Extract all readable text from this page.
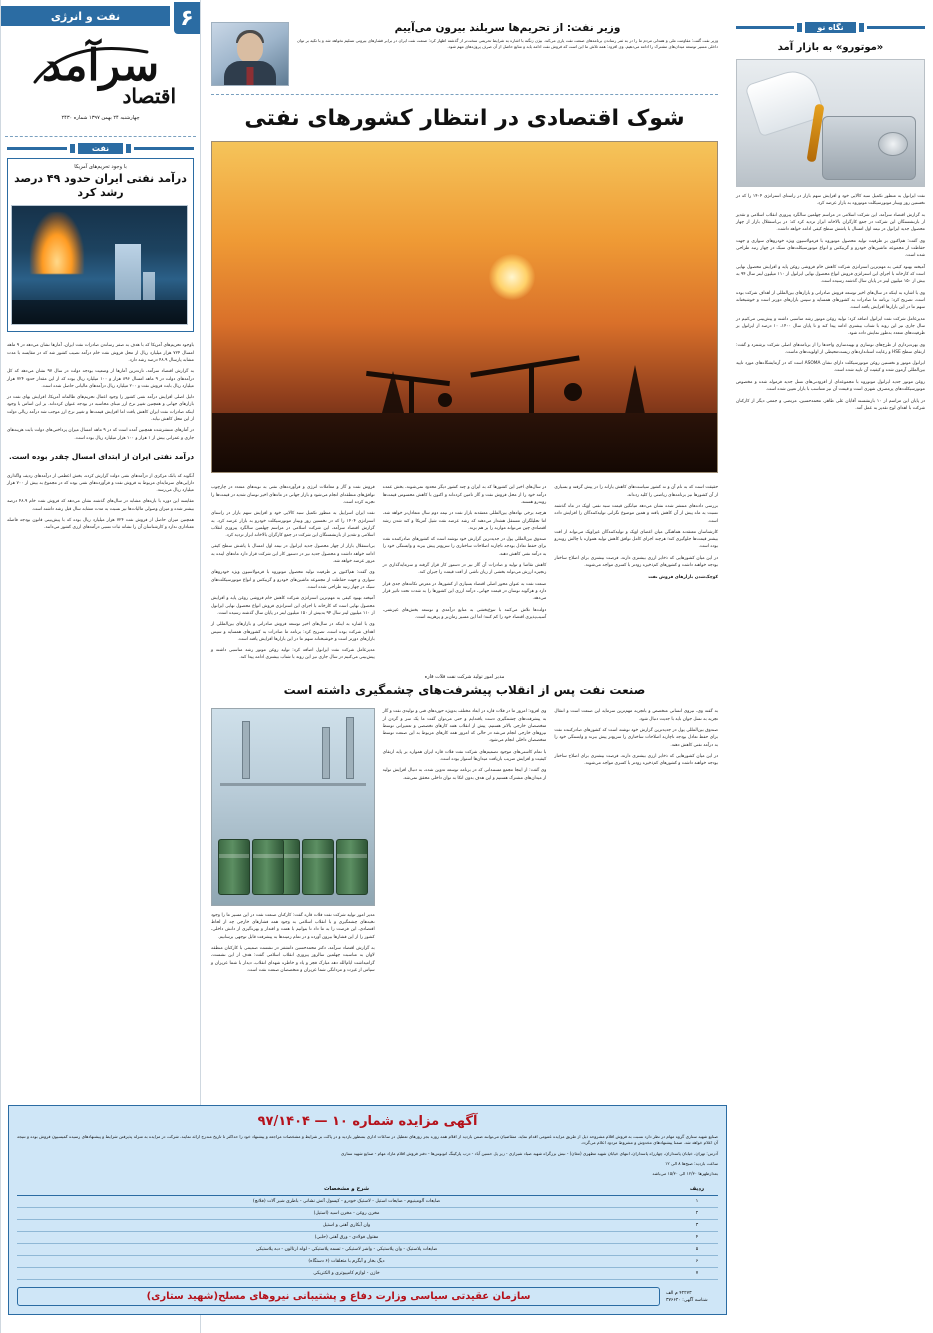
۶
نفت و انرژی
سرآمد
اقتصاد
چهارشنبه ۲۴ بهمن ۱۳۹۷ شماره ۲۴۳۰
نفت
با وجود تحریم‌های آمریکا
درآمد نفتی ایران حدود ۴۹ درصد رشد کرد

باوجود تحریم‌های آمریکا که با هدف به صفر رساندن صادرات نفت ایران، آمارها نشان می‌دهد در ۹ ماهه امسال ۷۲۴ هزار میلیارد ریال از محل فروش نفت خام درآمد نصیب کشور شد که در مقایسه با مدت مشابه پارسال ۴۸.۹ درصد رشد دارد.

به گزارش اقتصاد سرآمد، تازه‌ترین آمارها از وضعیت بودجه دولت در سال ۹۷ نشان می‌دهد که کل درآمدهای دولت در ۹ ماهه امسال ۸۹۶ هزار و ۱۰۰ میلیارد ریال بوده که از این مقدار حدود ۷۲۴ هزار میلیارد ریال بابت فروش نفت و ۲۰۰ میلیارد ریال درآمدهای مالیاتی حاصل شده است.

دلیل اصلی افزایش درآمد نفتی کشور را وجود اعمال تحریم‌های ظالمانه آمریکا، افزایش بهای نفت در بازارهای جهانی و همچنین تغییر نرخ ارز مبنای محاسبه در بودجه عنوان کرده‌اند. بر این اساس با وجود اینکه صادرات نفت ایران کاهش یافت اما افزایش قیمت‌ها و تغییر نرخ ارز موجب شد درآمد ریالی دولت از این محل کاهش نیابد.

در آمارهای منتشرشده همچنین آمده است که در ۹ ماهه امسال میزان پرداختی‌های دولت بابت هزینه‌های جاری و عمرانی بیش از ۱ هزار و ۱۰۰ هزار میلیارد ریال بوده است.

درآمد نفتی ایران از ابتدای امسال چقدر بوده است.

آنگونه که بانک مرکزی از درآمدهای نفتی دولت گزارش کرده، بخش اعظمی از درآمدهای ردیف واگذاری دارایی‌های سرمایه‌ای مربوط به فروش نفت و فرآورده‌های نفتی بوده که در مجموع به بیش از ۷۰۰ هزار میلیارد ریال می‌رسد.

مقایسه این دوره با بازه‌های مشابه در سال‌های گذشته نشان می‌دهد که فروش نفت خام ۴۸.۹ درصد بیشتر شده و میزان وصولی مالیات‌ها نیز نسبت به مدت مشابه سال قبل رشد داشته است.

همچنین میزان حاصل از فروش نفت ۷۲۴ هزار میلیارد ریال بوده که با پیش‌بینی قانون بودجه فاصله معناداری ندارد و کارشناسان آن را نشانه ثبات نسبی درآمدهای ارزی کشور می‌دانند.

وزیر نفت: از تحریم‌ها سربلند بیرون می‌آییم
وزیر نفت گفت: مقاومت ملی و همدلی مردم ما را در به ثمر رساندن برنامه‌های صنعت نفت یاری می‌کند. بیژن زنگنه با اشاره به شرایط تحریمی سخت‌تر از گذشته اظهار کرد: صنعت نفت ایران در برابر فشارهای بیرونی تسلیم نخواهد شد و با تکیه بر توان داخلی مسیر توسعه میدان‌های مشترک را ادامه می‌دهیم. وی افزود: همه تلاش ما این است که فروش نفت ادامه یابد و منابع حاصل از آن صرف پروژه‌های مهم شود.
شوک اقتصادی در انتظار کشورهای نفتی

فروش نفت و گاز و معاملات انرژی و فرآورده‌های نفتی به نوبه‌های متعدد در چارچوب توافق‌های منطقه‌ای انجام می‌شود و بازار جهانی در ماه‌های اخیر نوسان شدید در قیمت‌ها را تجربه کرده است.

نفت ایران اسراییل به منظور تکمیل سبد کالایی خود و افزایش سهم بازار در راستای استراتژی ۱۴۰۴ را که در نخستین روز وبینار موتورسیکلت خودرو به بازار عرضه کرد. به گزارش اقتصاد سرآمد، این شرکت اسلامی در مراسم چهلمین سالگرد پیروزی انقلاب اسلامی و تقدیر از بازنشستگان این شرکت در جمع کارگران بالاخانه ابراز تردید کرد.

بی‌استقلال بازار از چهار محصول جدید ایرانول در نیمه اول امسال با پاشش سطح کیفی ادامه خواهد داشت و محصول جدید نیز در دستور کار این شرکت قرار دارد ماه‌های اینده به مرور عرضه خواهد شد.

وی گفت: هم‌اکنون بر ظرفیت تولید محصول موتوروه با فرمولاسیون ویژه خودروهای سواری و جهت حفاظت از مجموعه ماشین‌های خودرو و گریبکس و انواع موتورسیکلت‌های سبک در چهار رتبه طراحی شده است.

آمیخته بهبود کیفی به مهم‌ترین استراتژی شرکت کاهش خام فروشی روغن پایه و افزایش محصول نهایی است که کارخانه با اجرای این استراتژی فروش انواع محصول نهایی ایرانول از ۱۱۰ میلیون لیتر سال ۹۴ به‌بیش از ۱۵۰ میلیون لیتر در پایان سال گذشته رسیده است.

وی با اشاره به اینکه در سال‌های اخیر توسعه فروش صادراتی و بازارهای بین‌المللی از اهداف شرکت بوده است، تصریح کرد: برنامه ما صادرات به کشورهای همسایه و سپس بازارهای دورتر است و خوشبختانه سهم ما در این بازارها افزایش یافته است.

مدیرعامل شرکت نفت ایرانول اضافه کرد: تولید روغن موتور رشد مناسبی داشته و پیش‌بینی می‌کنیم در سال جاری نیز این روند با شتاب بیشتری ادامه پیدا کند.

در سال‌های اخیر این کشورها که به ایران و چند کشور دیگر محدود نمی‌شوند، بخش عمده درآمد خود را از محل فروش نفت و گاز تامین کرده‌اند و اکنون با کاهش محسوس قیمت‌ها روبه‌رو هستند.

هرچند برخی نهادهای بین‌المللی معتقدند بازار نفت در نیمه دوم سال متعادل‌تر خواهد شد، اما تحلیلگران مستقل هشدار می‌دهند که رشد عرضه نفت شیل آمریکا و کند شدن رشد اقتصادی چین می‌تواند موازنه را بر هم بزند.

صندوق بین‌المللی پول در جدیدترین گزارش خود نوشته است که کشورهای صادرکننده نفت برای حفظ تعادل بودجه ناچارند اصلاحات ساختاری را سریع‌تر پیش ببرند و وابستگی خود را به درآمد نفتی کاهش دهند.

کاهش تقاضا و تولید و صادرات آن گاز نیز در دستور کار قرار گرفته و سرمایه‌گذاری در زنجیره ارزش می‌تواند بخشی از زیان ناشی از افت قیمت را جبران کند.

صنعت نفت به عنوان محور اصلی اقتصاد بسیاری از کشورها، در معرض تکانه‌های جدی قرار دارد و هرگونه نوسان در قیمت جهانی، درآمد ارزی این کشورها را به شدت تحت تاثیر قرار می‌دهد.

دولت‌ها تلاش می‌کنند با تنوع‌بخشی به منابع درآمدی و توسعه بخش‌های غیرنفتی، آسیب‌پذیری اقتصاد خود را کم کنند؛ اما این مسیر زمان‌بر و پرهزینه است.

حقیقت است که به نام آن و نه کشور سیاست‌های کاهش یارانه را در پیش گرفته و بسیاری از آن کشورها نیز برنامه‌های ریاضتی را کلید زده‌اند.

بررسی داده‌های منتشر شده نشان می‌دهد میانگین قیمت سبد نفتی اوپک در ماه گذشته نسبت به ماه پیش از آن کاهش یافته و همین موضوع نگرانی تولیدکنندگان را افزایش داده است.

کارشناسان معتقدند هماهنگی میان اعضای اوپک و تولیدکنندگان غیراوپک می‌تواند از افت بیشتر قیمت‌ها جلوگیری کند؛ هرچند اجرای کامل توافق کاهش تولید همواره با چالش روبه‌رو بوده است.

در این میان کشورهایی که ذخایر ارزی بیشتری دارند، فرصت بیشتری برای اصلاح ساختار بودجه خواهند داشت و کشورهای کم‌ذخیره زودتر با کسری مواجه می‌شوند.

کوچک‌شدن بازارهای فروش نفت

مدیر امور تولید شرکت نفت فلات قاره
صنعت نفت پس از انقلاب پیشرفت‌های چشمگیری داشته است

مدیر امور تولید شرکت نفت فلات قاره گفت: کارکنان صنعت نفت در این مسیر ما را وجود نخبه‌های چشمگیری و با انقلاب اسلامی به وجود همه فشارهای خارجی چه از لحاظ اقتصادی، این فرصت را به ما داد تا بتوانیم با همت و اقتدار و بهره‌گیری از دانش داخلی، کشور را از این فشارها بیرون آورده و در تمام زمینه‌ها به پیشرفت قابل توجهی برسانیم.

به گزارش اقتصاد سرآمد، دکتر محمدحسین دانشفر در نشست صمیمی با کارکنان منطقه لاوان به مناسبت چهلمین سالروز پیروزی انقلاب اسلامی گفت: هدف از این نشست، گرامیداشت ایام‌الله دهه مبارک فجر و یاد و خاطره شهدای انقلاب، دیدار با شما عزیزان و سپاس از غیرت و مردانگی شما عزیزان و متخصصان صنعت نفت است.

وی افزود: امروز ما در فلات قاره در ابعاد مختلف به‌ویژه حوزه‌های فنی و تولیدی نفت و گاز به پیشرفت‌های چشمگیری دست یافته‌ایم و حتی می‌توان گفت ما یک سر و گردن از متخصصان خارجی بالاتر هستیم. پیش از انقلاب همه کارهای تخصصی و تعمیراتی توسط نیروهای خارجی انجام می‌شد در حالی که امروز همه کارهای مربوط به این صنعت توسط متخصصان داخلی انجام می‌شود.

با تمام کاستی‌های موجود تصمیم‌های شرکت نفت فلات قاره ایران همواره بر پایه ارتقای کیفیت و افزایش ضریب بازیافت میدان‌ها استوار بوده است.

وی گفت: از اینجا مجمع مستنداتی که در برنامه توسعه تدوین شده، به دنبال افزایش تولید از میدان‌های مشترک هستیم و این هدف بدون اتکا به توان داخلی محقق نمی‌شد.

به گفته وی، نیروی انسانی متخصص و باتجربه مهم‌ترین سرمایه این صنعت است و انتقال تجربه به نسل جوان باید با جدیت دنبال شود.

صندوق بین‌المللی پول در جدیدترین گزارش خود نوشته است که کشورهای صادرکننده نفت برای حفظ تعادل بودجه ناچارند اصلاحات ساختاری را سریع‌تر پیش ببرند و وابستگی خود را به درآمد نفتی کاهش دهند.

در این میان کشورهایی که ذخایر ارزی بیشتری دارند، فرصت بیشتری برای اصلاح ساختار بودجه خواهند داشت و کشورهای کم‌ذخیره زودتر با کسری مواجه می‌شوند.

نگاه نو
«موتورو» به بازار آمد

نفت ایرانول به منظور تکمیل سبد کالایی خود و افزایش سهم بازار در راستای استراتژی ۱۴۰۴ را که در نخستین روز وبینار موتورسیکلت موتوروه به بازار عرضه کرد.

به گزارش اقتصاد سرآمد، این شرکت اسلامی در مراسم چهلمین سالگرد پیروزی انقلاب اسلامی و تقدیر از بازنشستگان این شرکت در جمع کارگران بالاخانه ابراز تردید کرد که: در بی‌استقلال بازار از چهار محصول جدید ایرانول در نیمه اول امسال با پاشش سطح کیفی ادامه خواهد داشت.

وی گفت: هم‌اکنون بر ظرفیت تولید محصول موتوروه با فرمولاسیون ویژه خودروهای سواری و جهت حفاظت از مجموعه ماشین‌های خودرو و گریبکس و انواع موتورسیکلت‌های سبک در چهار رتبه طراحی شده است.

آمیخته بهبود کیفی به مهم‌ترین استراتژی شرکت کاهش خام فروشی روغن پایه و افزایش محصول نهایی است که کارخانه با اجرای این استراتژی فروش انواع محصول نهایی ایرانول از ۱۱۰ میلیون لیتر سال ۹۴ به بیش از ۱۵۰ میلیون لیتر در پایان سال گذشته رسیده است.

وی با اشاره به اینکه در سال‌های اخیر توسعه فروش صادراتی و بازارهای بین‌المللی از اهداف شرکت بوده است، تصریح کرد: برنامه ما صادرات به کشورهای همسایه و سپس بازارهای دورتر است و خوشبختانه سهم ما در این بازارها افزایش یافته است.

مدیرعامل شرکت نفت ایرانول اضافه کرد: تولید روغن موتور رشد مناسبی داشته و پیش‌بینی می‌کنیم در سال جاری نیز این روند با شتاب بیشتری ادامه پیدا کند و تا پایان سال ۱۴۰۰، ۱۰ درصد از ایرانول بر ظرفیت‌های متعدد به‌طور نمایش داده شود.

وی بهره‌برداری از طرح‌های نوسازی و بهینه‌سازی واحدها را از برنامه‌های اصلی شرکت برشمرد و گفت: ارتقای سطح HSE و رعایت استانداردهای زیست‌محیطی از اولویت‌های ماست.

ایرانول موتور و نخستین روغن موتورسیکلت دارای نشان ASOMA است که در آزمایشگاه‌های مورد تایید بین‌المللی آزمون شده و کیفیت آن تایید شده است.

روغن موتور جدید ایرانول موتوروه با مجموعه‌ای از افزودنی‌های نسل جدید فرموله شده و مخصوص موتورسیکلت‌های پرمصرف شهری است و قیمت آن نیز متناسب با بازار تعیین شده است.

در پایان این مراسم از ۱۰ بازنشسته آقایان علی طاهر، محمدحسین، مرتضی و جمعی دیگر از کارکنان شرکت با اهدای لوح تقدیر به عمل آمد.

آگهی مزایده شماره ۱۰ — ۹۷/۱۴۰۴
صنایع شهید ستاری گروه مهام در نظر دارد نسبت به فروش اقلام مشروحه ذیل از طریق مزایده عمومی اقدام نماید. متقاضیان می‌توانند ضمن بازدید از اقلام همه روزه بجز روزهای تعطیل در ساعات اداری بمنظور بازدید و در پاکت بر شرایط و مشخصات مراجعه و پیشنهاد خود را حداکثر تا تاریخ مندرج ارائه نمایند. شرکت در مزایده به منزله پذیرفتن شرایط و پیشنهادهای رسیده کمیسیون فروش بوده و نتیجه آن اعلام خواهد شد. ضمنا پیشنهادهای مخدوش و مشروط مردود اعلام می‌گردد.
آدرس: تهران، خیابان پاسداران، چهارراه پاسداران، انتهای خیابان شهید مطهری (مغان) - نبش بزرگراه شهید صیاد شیرازی - زیر پل حسین آباد - درب پارکینگ اتوبوس‌ها - دفتر فروش اقلام مازاد مهام - صنایع شهید ستاری
ساعت بازدید: صبح‌ها ۸ الی ۱۲
بعدازظهرها ۱۲/۳۰ الی ۱۵/۳۰ می‌باشد
ردیف	شرح و مشخصات
۱	ضایعات آلومینیوم - ضایعات استیل - لاستیک خودرو - کپسول آتش نشانی - باطری شیر آلات (فلانچ)
۲	مخزن روغن - مخزن اسید (استیل)
۳	وان آبکاری آهنی و استیل
۴	مفتول فولادی - ورق آهنی (حلبی)
۵	ضایعات پلاستیک - وان پلاستیکی - واشر لاستیکی - تسمه پلاستیکی - لوله ارتالون - دبه پلاستیکی
۶	دیگ بخار و آبگرم با متعلقات (۶ دستگاه)
۷	خازن - لوازم کامپیوتری و الکتریکی
سازمان عقیدتی سیاسی وزارت دفاع و پشتیبانی نیروهای مسلح(شهید ستاری)	۴۲۲۷۳ م الف
شناسه آگهی: ۳۷۶۶۲۰
